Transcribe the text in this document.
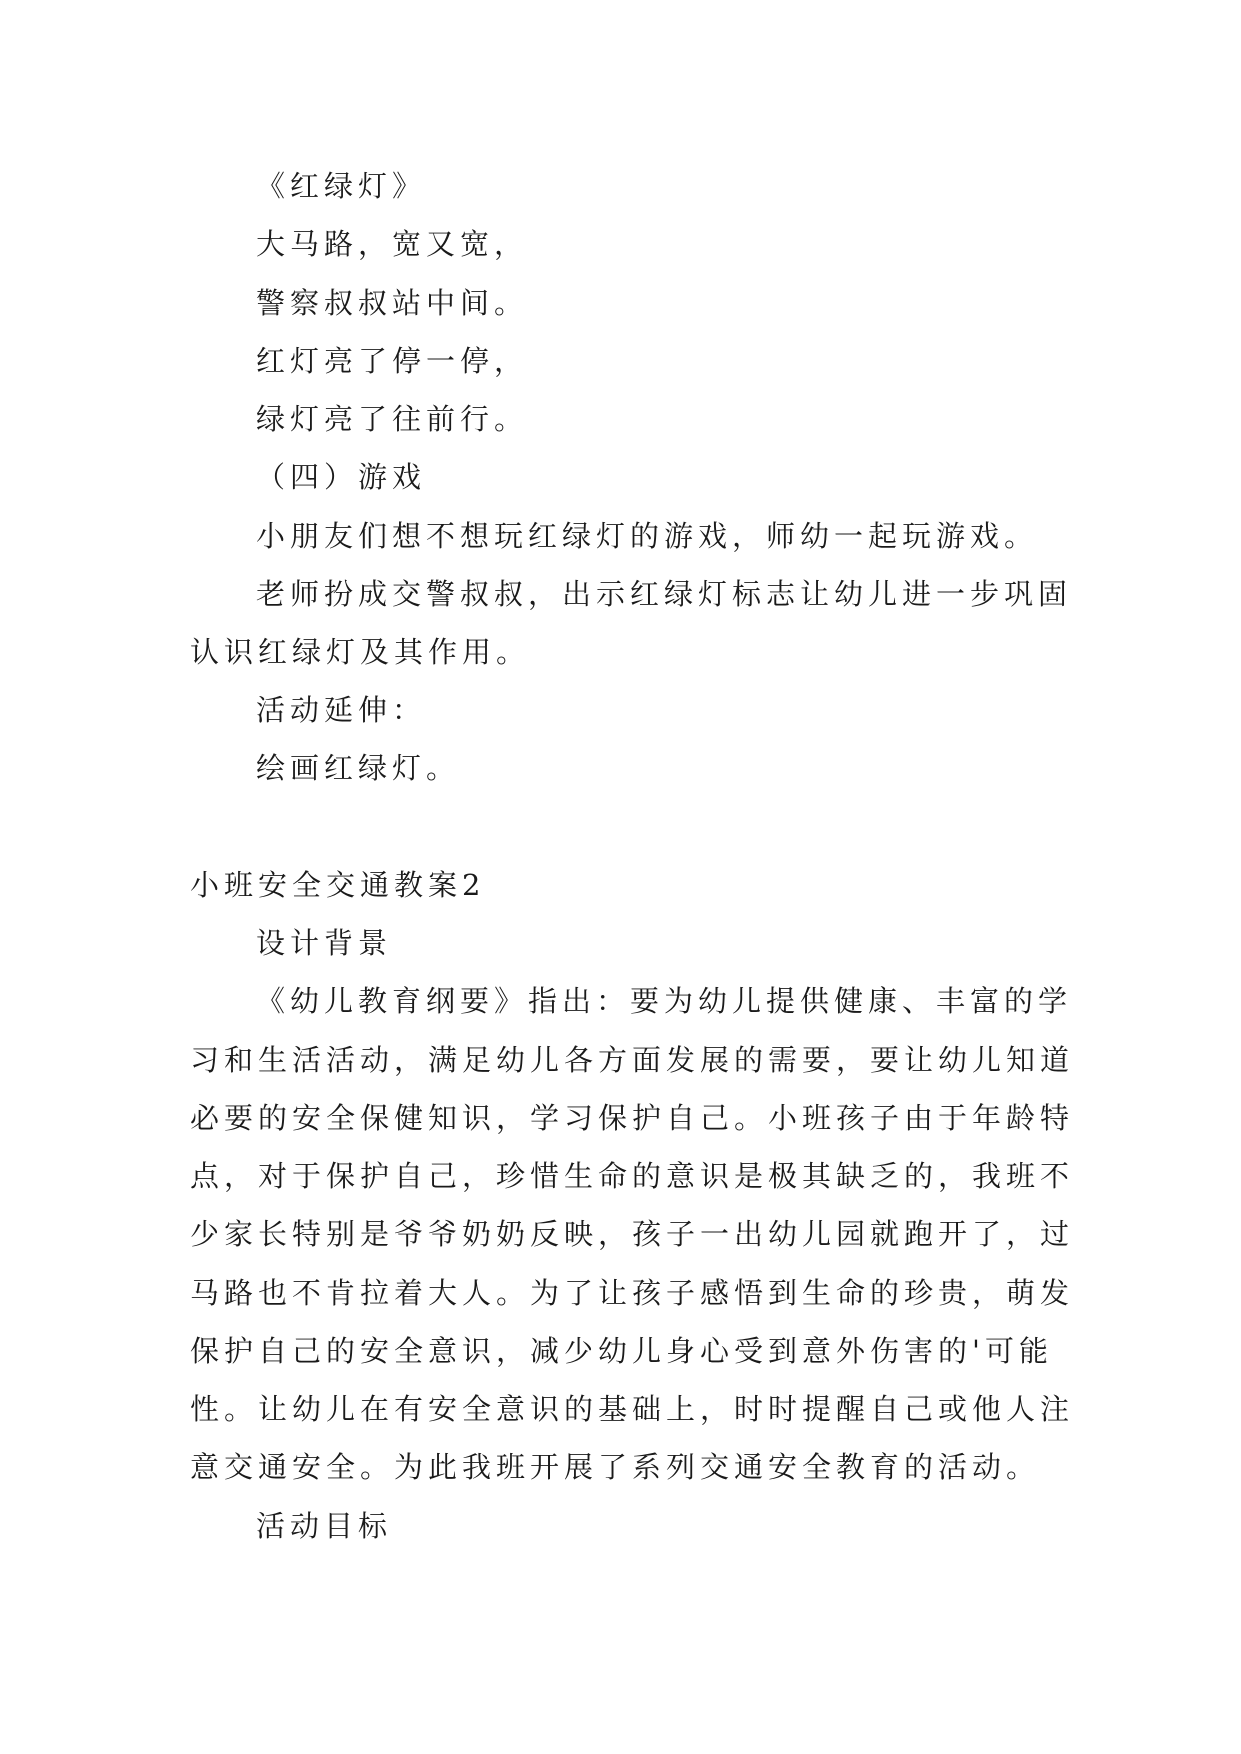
《红绿灯》

大马路，宽又宽，

警察叔叔站中间。

红灯亮了停一停，

绿灯亮了往前行。

（四）游戏

小朋友们想不想玩红绿灯的游戏，师幼一起玩游戏。

老师扮成交警叔叔，出示红绿灯标志让幼儿进一步巩固

认识红绿灯及其作用。

活动延伸：

绘画红绿灯。

小班安全交通教案2

设计背景

《幼儿教育纲要》指出：要为幼儿提供健康、丰富的学

习和生活活动，满足幼儿各方面发展的需要，要让幼儿知道

必要的安全保健知识，学习保护自己。小班孩子由于年龄特

点，对于保护自己，珍惜生命的意识是极其缺乏的，我班不

少家长特别是爷爷奶奶反映，孩子一出幼儿园就跑开了，过

马路也不肯拉着大人。为了让孩子感悟到生命的珍贵，萌发

保护自己的安全意识，减少幼儿身心受到意外伤害的'可能

性。让幼儿在有安全意识的基础上，时时提醒自己或他人注

意交通安全。为此我班开展了系列交通安全教育的活动。

活动目标
